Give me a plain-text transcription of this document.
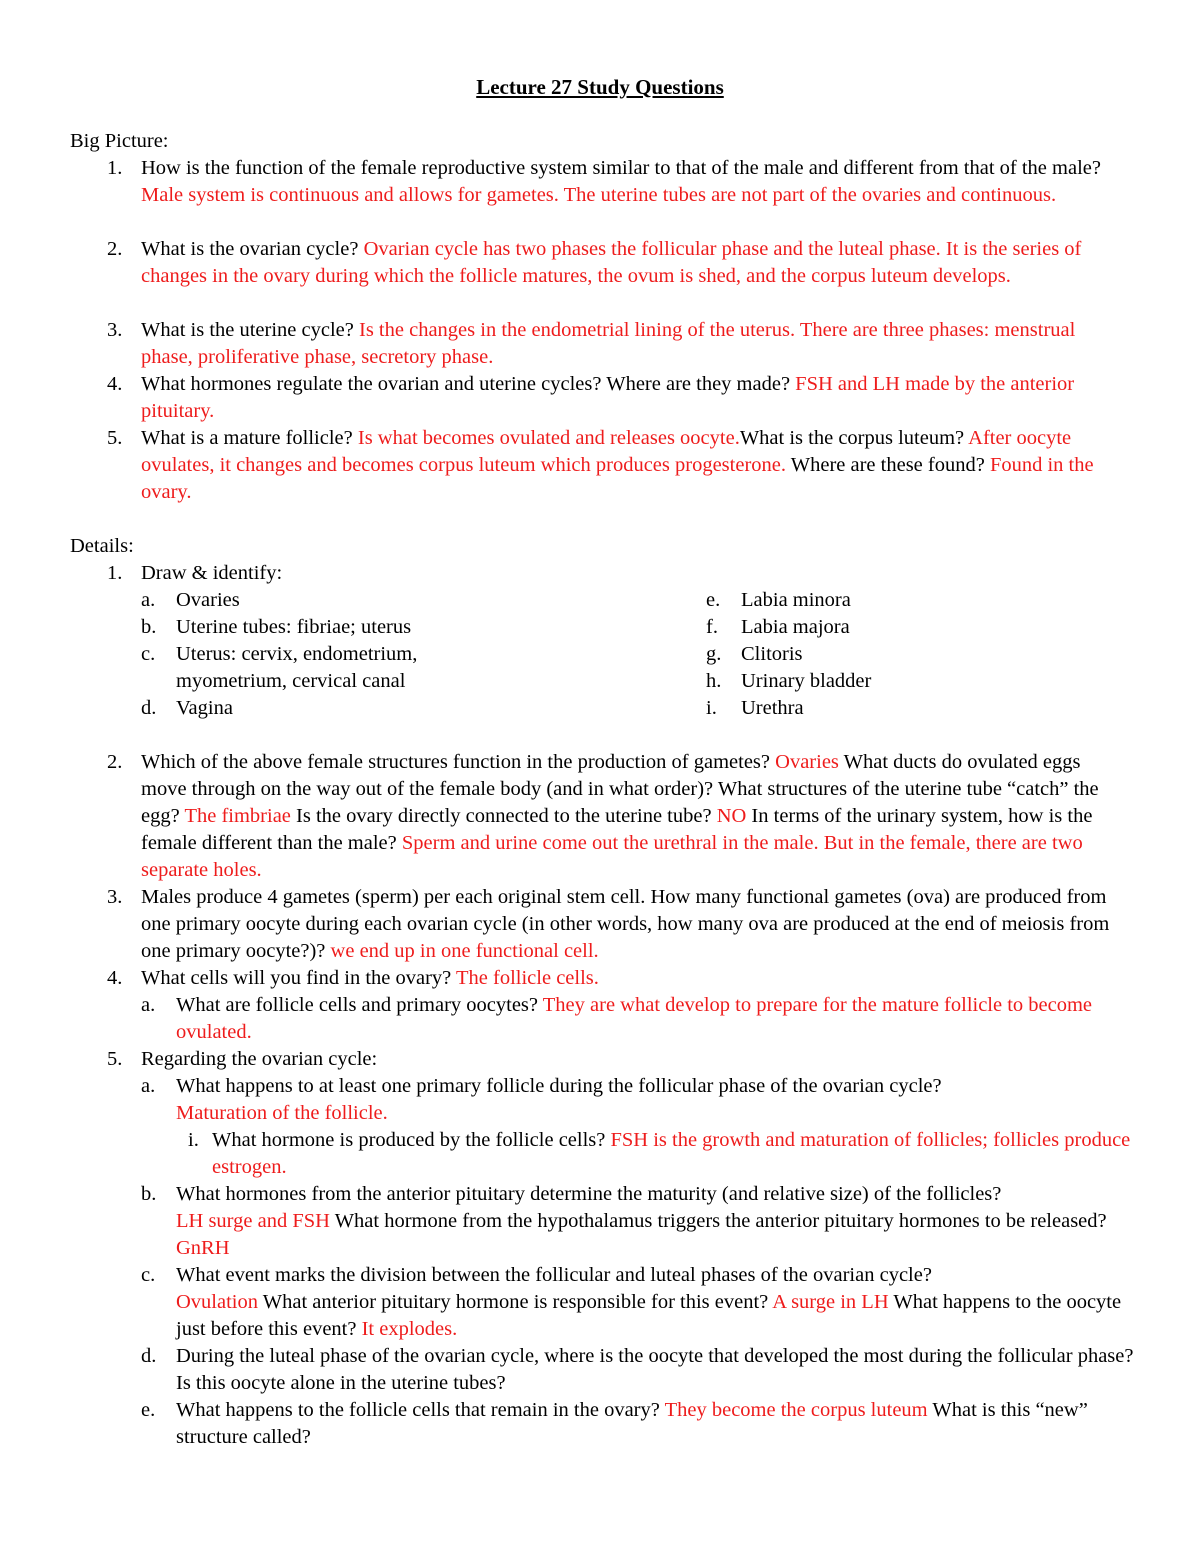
Lecture 27 Study Questions
Big Picture:
1. How is the function of the female reproductive system similar to that of the male and different from that of the male? Male system is continuous and allows for gametes. The uterine tubes are not part of the ovaries and continuous.
2. What is the ovarian cycle? Ovarian cycle has two phases the follicular phase and the luteal phase. It is the series of changes in the ovary during which the follicle matures, the ovum is shed, and the corpus luteum develops.
3. What is the uterine cycle? Is the changes in the endometrial lining of the uterus. There are three phases: menstrual phase, proliferative phase, secretory phase.
4. What hormones regulate the ovarian and uterine cycles? Where are they made? FSH and LH made by the anterior pituitary.
5. What is a mature follicle? Is what becomes ovulated and releases oocyte.What is the corpus luteum? After oocyte ovulates, it changes and becomes corpus luteum which produces progesterone. Where are these found? Found in the ovary.
Details:
1. Draw & identify:
a. Ovaries
b. Uterine tubes: fibriae; uterus
c. Uterus: cervix, endometrium,
myometrium, cervical canal
d. Vagina
e. Labia minora
f. Labia majora
g. Clitoris
h. Urinary bladder
i. Urethra
2. Which of the above female structures function in the production of gametes? Ovaries What ducts do ovulated eggs move through on the way out of the female body (and in what order)? What structures of the uterine tube “catch” the egg? The fimbriae Is the ovary directly connected to the uterine tube? NO In terms of the urinary system, how is the female different than the male? Sperm and urine come out the urethral in the male. But in the female, there are two separate holes.
3. Males produce 4 gametes (sperm) per each original stem cell. How many functional gametes (ova) are produced from one primary oocyte during each ovarian cycle (in other words, how many ova are produced at the end of meiosis from one primary oocyte?)? we end up in one functional cell.
4. What cells will you find in the ovary? The follicle cells.
a. What are follicle cells and primary oocytes? They are what develop to prepare for the mature follicle to become ovulated.
5. Regarding the ovarian cycle:
a. What happens to at least one primary follicle during the follicular phase of the ovarian cycle?
Maturation of the follicle.
i. What hormone is produced by the follicle cells? FSH is the growth and maturation of follicles; follicles produce estrogen.
b. What hormones from the anterior pituitary determine the maturity (and relative size) of the follicles?
LH surge and FSH What hormone from the hypothalamus triggers the anterior pituitary hormones to be released? GnRH
c. What event marks the division between the follicular and luteal phases of the ovarian cycle?
Ovulation What anterior pituitary hormone is responsible for this event? A surge in LH What happens to the oocyte just before this event? It explodes.
d. During the luteal phase of the ovarian cycle, where is the oocyte that developed the most during the follicular phase? Is this oocyte alone in the uterine tubes?
e. What happens to the follicle cells that remain in the ovary? They become the corpus luteum What is this “new” structure called?
